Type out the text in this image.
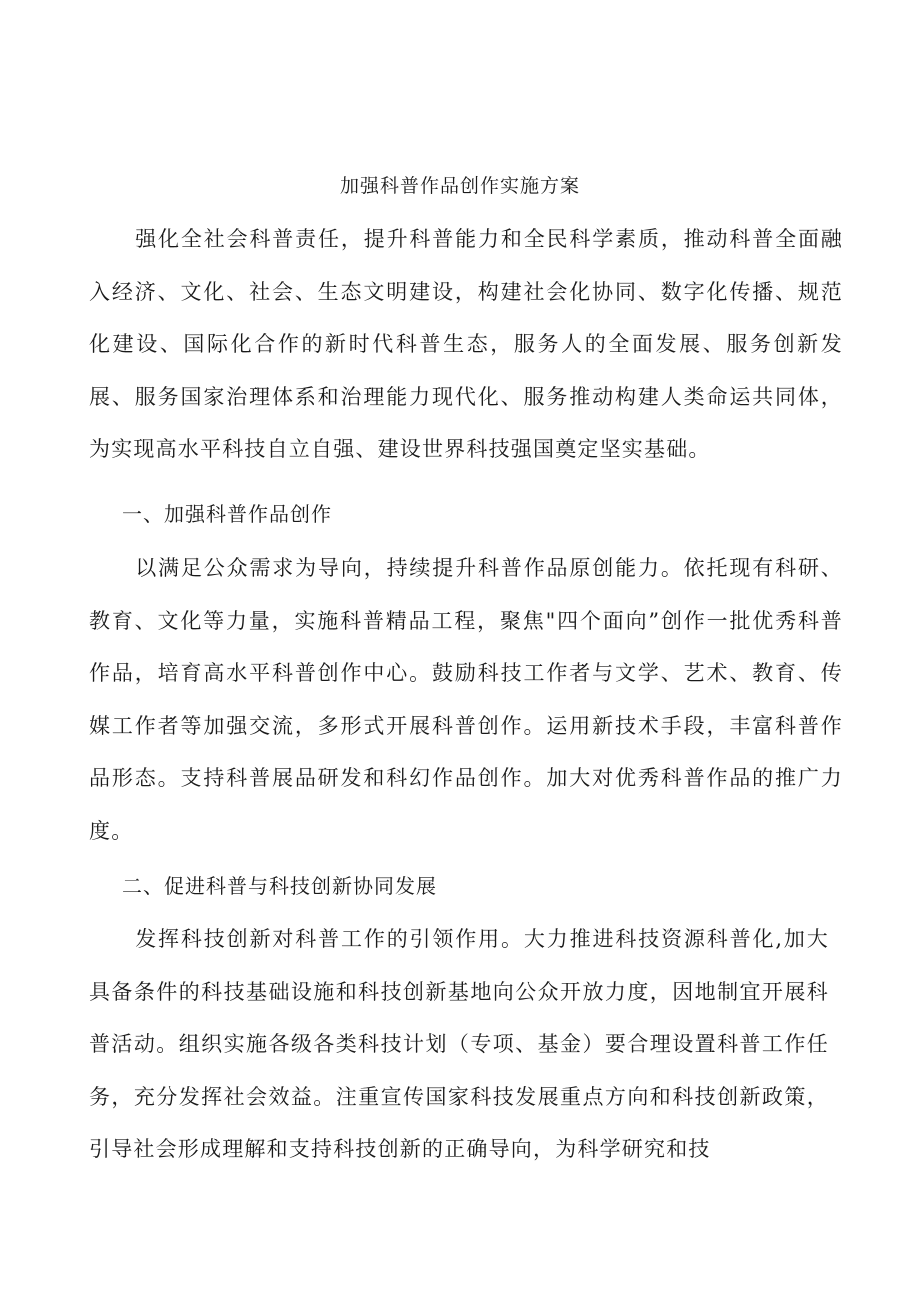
加强科普作品创作实施方案

强化全社会科普责任，提升科普能力和全民科学素质，推动科普全面融入经济、文化、社会、生态文明建设，构建社会化协同、数字化传播、规范化建设、国际化合作的新时代科普生态，服务人的全面发展、服务创新发展、服务国家治理体系和治理能力现代化、服务推动构建人类命运共同体，为实现高水平科技自立自强、建设世界科技强国奠定坚实基础。

一、加强科普作品创作

以满足公众需求为导向，持续提升科普作品原创能力。依托现有科研、教育、文化等力量，实施科普精品工程，聚焦"四个面向”创作一批优秀科普作品，培育高水平科普创作中心。鼓励科技工作者与文学、艺术、教育、传媒工作者等加强交流，多形式开展科普创作。运用新技术手段，丰富科普作品形态。支持科普展品研发和科幻作品创作。加大对优秀科普作品的推广力度。

二、促进科普与科技创新协同发展

发挥科技创新对科普工作的引领作用。大力推进科技资源科普化,加大具备条件的科技基础设施和科技创新基地向公众开放力度，因地制宜开展科普活动。组织实施各级各类科技计划（专项、基金）要合理设置科普工作任务，充分发挥社会效益。注重宣传国家科技发展重点方向和科技创新政策，引导社会形成理解和支持科技创新的正确导向，为科学研究和技
